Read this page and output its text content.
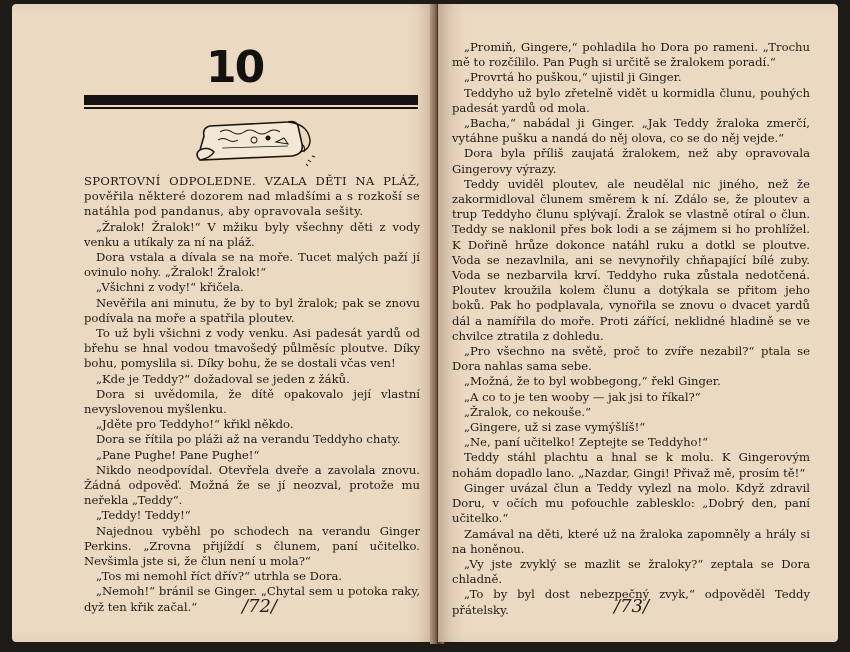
10

SPORTOVNÍ ODPOLEDNE. VZALA DĚTI NA PLÁŽ, pověřila některé dozorem nad mladšími a s rozkoší se natáhla pod pandanus, aby opravovala sešity.

„Žralok! Žralok!“ V mžiku byly všechny děti z vody venku a utíkaly za ní na pláž.

Dora vstala a dívala se na moře. Tucet malých paží jí ovinulo nohy. „Žralok! Žralok!“

„Všichni z vody!“ křičela.

Nevěřila ani minutu, že by to byl žralok; pak se znovu podívala na moře a spatřila ploutev.

To už byli všichni z vody venku. Asi padesát yardů od břehu se hnal vodou tmavošedý půlměsíc ploutve. Díky bohu, pomyslila si. Díky bohu, že se dostali včas ven!

„Kde je Teddy?“ dožadoval se jeden z žáků.

Dora si uvědomila, že dítě opakovalo její vlastní nevyslovenou myšlenku.

„Jděte pro Teddyho!“ křikl někdo.

Dora se řítila po pláži až na verandu Teddyho chaty.

„Pane Pughe! Pane Pughe!“

Nikdo neodpovídal. Otevřela dveře a zavolala znovu. Žádná odpověď. Možná že se jí neozval, protože mu neřekla „Teddy“.

„Teddy! Teddy!“

Najednou vyběhl po schodech na verandu Ginger Perkins. „Zrovna přijíždí s člunem, paní učitelko. Nevšimla jste si, že člun není u mola?“

„Tos mi nemohl říct dřív?“ utrhla se Dora.

„Nemoh!“ bránil se Ginger. „Chytal sem u potoka raky, dyž ten křik začal.“	/72/

„Promiň, Gingere,“ pohladila ho Dora po rameni. „Trochu mě to rozčílilo. Pan Pugh si určitě se žralokem poradí.“

„Provrtá ho puškou,“ ujistil ji Ginger.

Teddyho už bylo zřetelně vidět u kormidla člunu, pouhých padesát yardů od mola.

„Bacha,“ nabádal ji Ginger. „Jak Teddy žraloka zmerčí, vytáhne pušku a nandá do něj olova, co se do něj vejde.“

Dora byla příliš zaujatá žralokem, než aby opravovala Gingerovy výrazy.

Teddy uviděl ploutev, ale neudělal nic jiného, než že zakormidloval člunem směrem k ní. Zdálo se, že ploutev a trup Teddyho člunu splývají. Žralok se vlastně otíral o člun. Teddy se naklonil přes bok lodi a se zájmem si ho prohlížel. K Dořině hrůze dokonce natáhl ruku a dotkl se ploutve. Voda se nezavlnila, ani se nevynořily chňapající bílé zuby. Voda se nezbarvila krví. Teddyho ruka zůstala nedotčená. Ploutev kroužila kolem člunu a dotýkala se přitom jeho boků. Pak ho podplavala, vynořila se znovu o dvacet yardů dál a namířila do moře. Proti zářící, neklidné hladině se ve chvilce ztratila z dohledu.

„Pro všechno na světě, proč to zvíře nezabil?“ ptala se Dora nahlas sama sebe.

„Možná, že to byl wobbegong,“ řekl Ginger.

„A co to je ten wooby — jak jsi to říkal?“

„Žralok, co nekouše.“

„Gingere, už si zase vymýšlíš!“

„Ne, paní učitelko! Zeptejte se Teddyho!“

Teddy stáhl plachtu a hnal se k molu. K Gingerovým nohám dopadlo lano. „Nazdar, Gingi! Přivaž mě, prosím tě!“

Ginger uvázal člun a Teddy vylezl na molo. Když zdravil Doru, v očích mu pofouchle zablesklo: „Dobrý den, paní učitelko.“

Zamával na děti, které už na žraloka zapomněly a hrály si na honěnou.

„Vy jste zvyklý se mazlit se žraloky?“ zeptala se Dora chladně.

„To by byl dost nebezpečný zvyk,“ odpověděl Teddy přátelsky.	/73/
